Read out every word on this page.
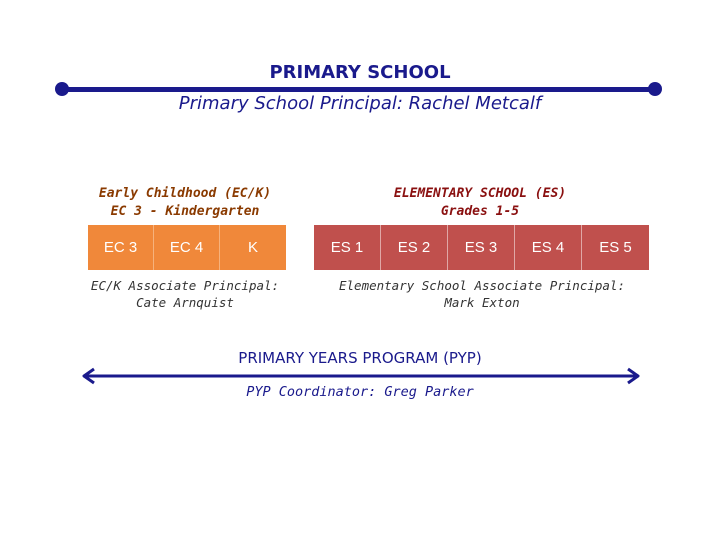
PRIMARY SCHOOL
Primary School Principal: Rachel Metcalf
Early Childhood (EC/K)
EC 3 - Kindergarten
EC 3	EC 4	K
EC/K Associate Principal:
Cate Arnquist
ELEMENTARY SCHOOL (ES)
Grades 1-5
ES 1	ES 2	ES 3	ES 4	ES 5
Elementary School Associate Principal:
Mark Exton
PRIMARY YEARS PROGRAM (PYP)
PYP Coordinator: Greg Parker
